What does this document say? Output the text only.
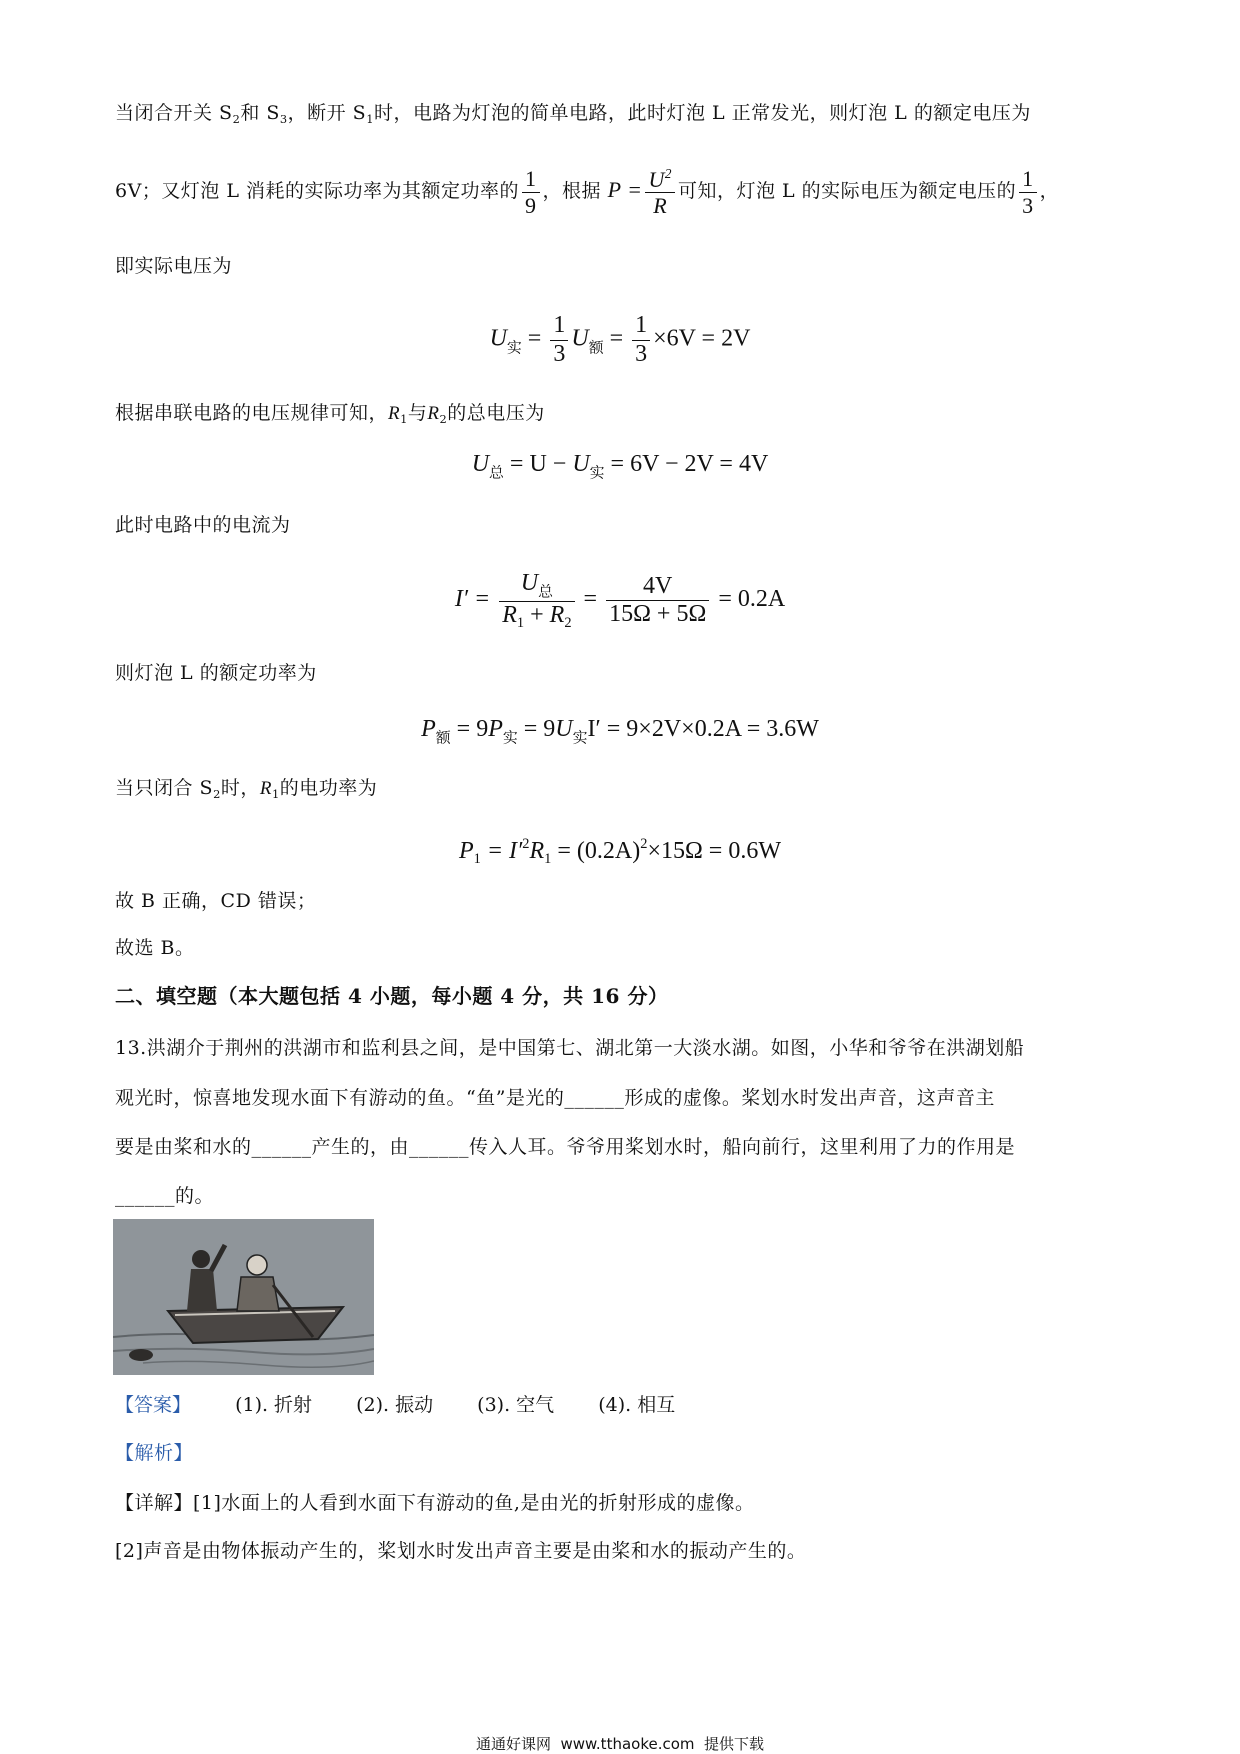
当闭合开关 $S_2$和 $S_3$，断开 $S_1$时，电路为灯泡的简单电路，此时灯泡 L 正常发光，则灯泡 L 的额定电压为
6V；又灯泡 L 消耗的实际功率为其额定功率的 $\frac{1}{9}$ ，根据 $P = \frac{U^2}{R}$ 可知，灯泡 L 的实际电压为额定电压的 $\frac{1}{3}$ ，
即实际电压为
$U_实 = \frac{1}{3} U_额 = \frac{1}{3} \times 6V = 2V$
根据串联电路的电压规律可知，$R_1$与$R_2$的总电压为
$U_总 = U - U_实 = 6V - 2V = 4V$
此时电路中的电流为
$I' = \frac{U_总}{R_1 + R_2} = \frac{4V}{15\Omega + 5\Omega} = 0.2A$
则灯泡 L 的额定功率为
$P_额 = 9P_实 = 9U_实I' = 9\times 2V\times 0.2A = 3.6W$
当只闭合 $S_2$时，$R_1$的电功率为
$P_1 = I'^2R_1 = (0.2A)^2\times 15\Omega = 0.6W$
故 B 正确，CD 错误；
故选 B。
二、填空题（本大题包括 4 小题，每小题 4 分，共 16 分）
13.洪湖介于荆州的洪湖市和监利县之间，是中国第七、湖北第一大淡水湖。如图，小华和爷爷在洪湖划船
观光时，惊喜地发现水面下有游动的鱼。“鱼”是光的______形成的虚像。桨划水时发出声音，这声音主
要是由桨和水的______产生的，由______传入人耳。爷爷用桨划水时，船向前行，这里利用了力的作用是
______的。
【答案】 (1). 折射 (2). 振动 (3). 空气 (4). 相互
【解析】
【详解】[1]水面上的人看到水面下有游动的鱼,是由光的折射形成的虚像。
[2]声音是由物体振动产生的，桨划水时发出声音主要是由桨和水的振动产生的。
通通好课网  www.tthaoke.com  提供下载
